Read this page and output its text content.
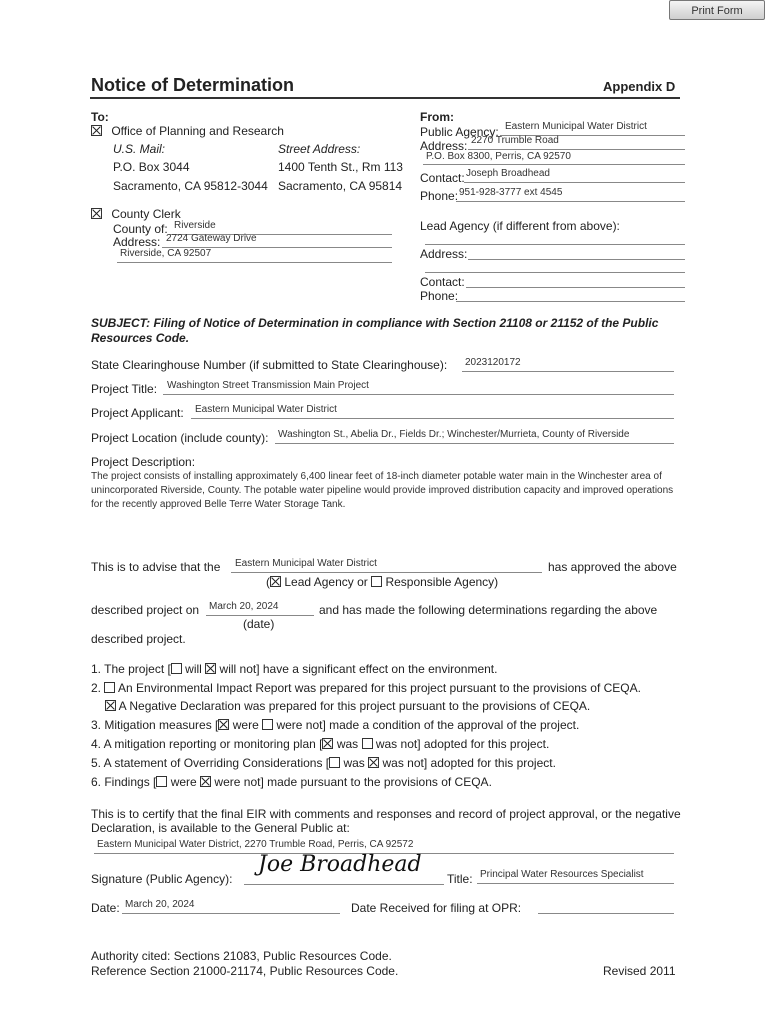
Print Form
Notice of Determination	Appendix D
To:
Office of Planning and Research
U.S. Mail:	Street Address:
P.O. Box 3044	1400 Tenth St., Rm 113
Sacramento, CA 95812-3044 Sacramento, CA 95814
County Clerk
County of: Riverside
Address: 2724 Gateway Drive
Riverside, CA 92507
From:
Public Agency: Eastern Municipal Water District
Address: 2270 Trumble Road
P.O. Box 8300, Perris, CA 92570
Contact: Joseph Broadhead
Phone: 951-928-3777 ext 4545
Lead Agency (if different from above):
Address:
Contact:
Phone:
SUBJECT: Filing of Notice of Determination in compliance with Section 21108 or 21152 of the Public Resources Code.
State Clearinghouse Number (if submitted to State Clearinghouse): 2023120172
Project Title: Washington Street Transmission Main Project
Project Applicant: Eastern Municipal Water District
Project Location (include county): Washington St., Abelia Dr., Fields Dr.; Winchester/Murrieta, County of Riverside
Project Description:
The project consists of installing approximately 6,400 linear feet of 18-inch diameter potable water main in the Winchester area of unincorporated Riverside, County. The potable water pipeline would provide improved distribution capacity and improved operations for the recently approved Belle Terre Water Storage Tank.
This is to advise that the Eastern Municipal Water District	has approved the above
( Lead Agency or Responsible Agency)
described project on March 20, 2024	and has made the following determinations regarding the above
(date)
described project.
1. The project [ will will not] have a significant effect on the environment.
2. An Environmental Impact Report was prepared for this project pursuant to the provisions of CEQA.
A Negative Declaration was prepared for this project pursuant to the provisions of CEQA.
3. Mitigation measures [ were were not] made a condition of the approval of the project.
4. A mitigation reporting or monitoring plan [ was was not] adopted for this project.
5. A statement of Overriding Considerations [ was was not] adopted for this project.
6. Findings [ were were not] made pursuant to the provisions of CEQA.
This is to certify that the final EIR with comments and responses and record of project approval, or the negative Declaration, is available to the General Public at:
Eastern Municipal Water District, 2270 Trumble Road, Perris, CA 92572
Signature (Public Agency):
Joe Broadhead
Title: Principal Water Resources Specialist
Date: March 20, 2024	Date Received for filing at OPR:
Authority cited: Sections 21083, Public Resources Code.
Reference Section 21000-21174, Public Resources Code.	Revised 2011
